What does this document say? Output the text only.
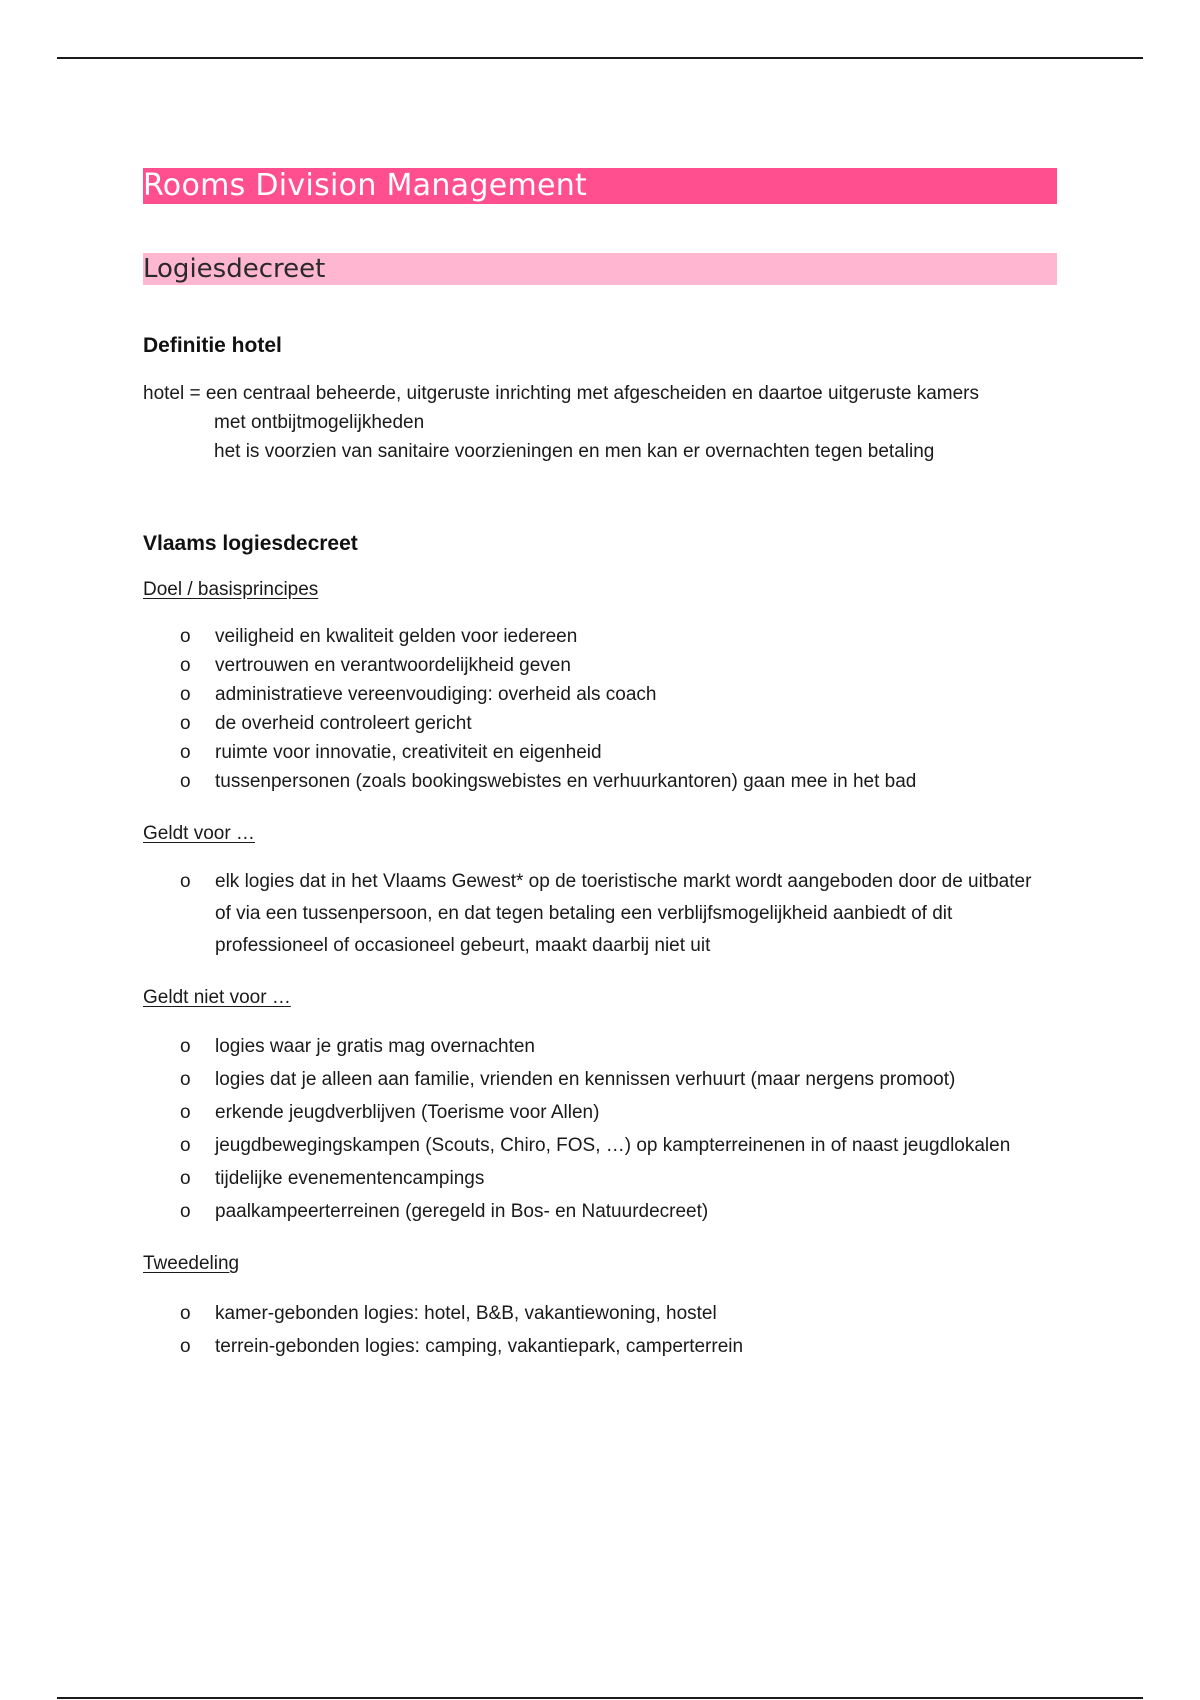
Rooms Division Management
Logiesdecreet
Definitie hotel
hotel = een centraal beheerde, uitgeruste inrichting met afgescheiden en daartoe uitgeruste kamers
met ontbijtmogelijkheden
het is voorzien van sanitaire voorzieningen en men kan er overnachten tegen betaling
Vlaams logiesdecreet
Doel / basisprincipes
o veiligheid en kwaliteit gelden voor iedereen
o vertrouwen en verantwoordelijkheid geven
o administratieve vereenvoudiging: overheid als coach
o de overheid controleert gericht
o ruimte voor innovatie, creativiteit en eigenheid
o tussenpersonen (zoals bookingswebistes en verhuurkantoren) gaan mee in het bad
Geldt voor …
o elk logies dat in het Vlaams Gewest* op de toeristische markt wordt aangeboden door de uitbater of via een tussenpersoon, en dat tegen betaling een verblijfsmogelijkheid aanbiedt of dit professioneel of occasioneel gebeurt, maakt daarbij niet uit
Geldt niet voor …
o logies waar je gratis mag overnachten
o logies dat je alleen aan familie, vrienden en kennissen verhuurt (maar nergens promoot)
o erkende jeugdverblijven (Toerisme voor Allen)
o jeugdbewegingskampen (Scouts, Chiro, FOS, …) op kampterreinenen in of naast jeugdlokalen
o tijdelijke evenementencampings
o paalkampeerterreinen (geregeld in Bos- en Natuurdecreet)
Tweedeling
o kamer-gebonden logies: hotel, B&B, vakantiewoning, hostel
o terrein-gebonden logies: camping, vakantiepark, camperterrein
